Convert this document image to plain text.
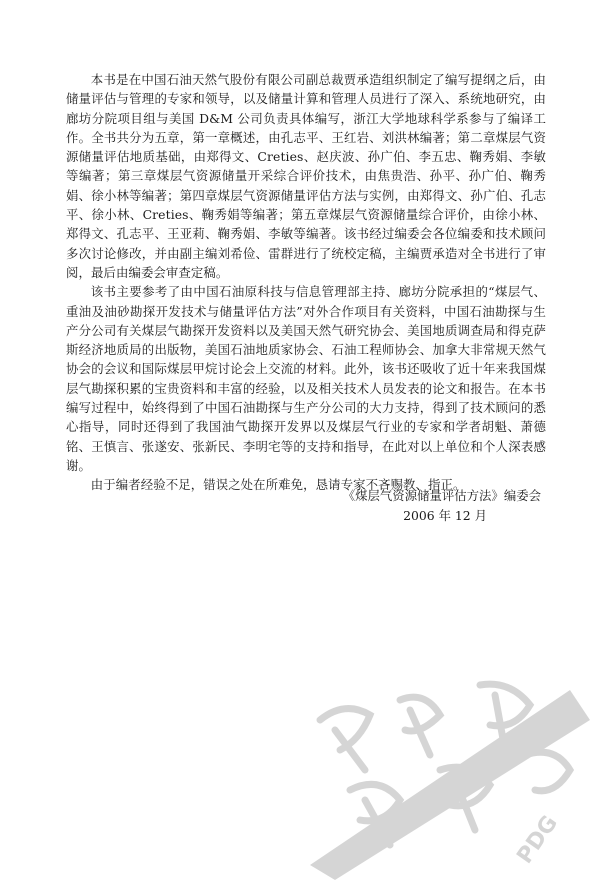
本书是在中国石油天然气股份有限公司副总裁贾承造组织制定了编写提纲之后，由储量评估与管理的专家和领导，以及储量计算和管理人员进行了深入、系统地研究，由廊坊分院项目组与美国 D&M 公司负责具体编写，浙江大学地球科学系参与了编译工作。全书共分为五章，第一章概述，由孔志平、王红岩、刘洪林编著；第二章煤层气资源储量评估地质基础，由郑得文、Creties、赵庆波、孙广伯、李五忠、鞠秀娟、李敏等编著；第三章煤层气资源储量开采综合评价技术，由焦贵浩、孙平、孙广伯、鞠秀娟、徐小林等编著；第四章煤层气资源储量评估方法与实例，由郑得文、孙广伯、孔志平、徐小林、Creties、鞠秀娟等编著；第五章煤层气资源储量综合评价，由徐小林、郑得文、孔志平、王亚莉、鞠秀娟、李敏等编著。该书经过编委会各位编委和技术顾问多次讨论修改，并由副主编刘希俭、雷群进行了统校定稿，主编贾承造对全书进行了审阅，最后由编委会审查定稿。

该书主要参考了由中国石油原科技与信息管理部主持、廊坊分院承担的“煤层气、重油及油砂勘探开发技术与储量评估方法”对外合作项目有关资料，中国石油勘探与生产分公司有关煤层气勘探开发资料以及美国天然气研究协会、美国地质调查局和得克萨斯经济地质局的出版物，美国石油地质家协会、石油工程师协会、加拿大非常规天然气协会的会议和国际煤层甲烷讨论会上交流的材料。此外，该书还吸收了近十年来我国煤层气勘探积累的宝贵资料和丰富的经验，以及相关技术人员发表的论文和报告。在本书编写过程中，始终得到了中国石油勘探与生产分公司的大力支持，得到了技术顾问的悉心指导，同时还得到了我国油气勘探开发界以及煤层气行业的专家和学者胡魁、萧德铭、王慎言、张遂安、张新民、李明宅等的支持和指导，在此对以上单位和个人深表感谢。

由于编者经验不足，错误之处在所难免，恳请专家不吝赐教、指正。

《煤层气资源储量评估方法》编委会
2006 年 12 月
PDG
